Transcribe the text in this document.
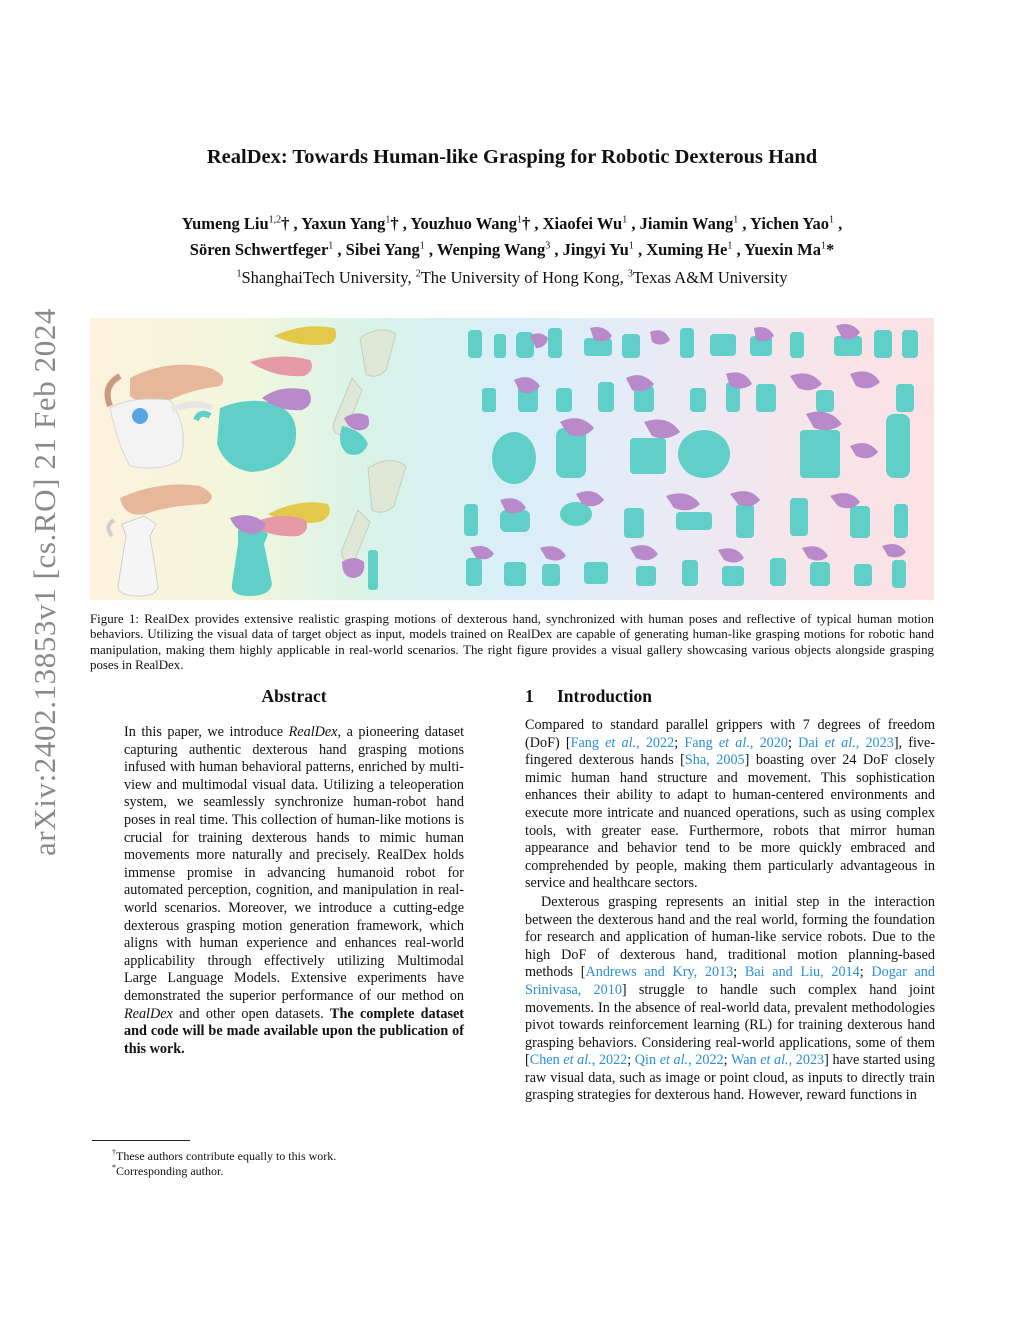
arXiv:2402.13853v1 [cs.RO] 21 Feb 2024
RealDex: Towards Human-like Grasping for Robotic Dexterous Hand
Yumeng Liu$^{1,2}$† , Yaxun Yang$^1$† , Youzhuo Wang$^1$† , Xiaofei Wu$^1$ , Jiamin Wang$^1$ , Yichen Yao$^1$ ,
Sören Schwertfeger$^1$ , Sibei Yang$^1$ , Wenping Wang$^3$ , Jingyi Yu$^1$ , Xuming He$^1$ , Yuexin Ma$^1$*
$^1$ShanghaiTech University, $^2$The University of Hong Kong, $^3$Texas A&M University
Figure 1: RealDex provides extensive realistic grasping motions of dexterous hand, synchronized with human poses and reflective of typical human motion behaviors. Utilizing the visual data of target object as input, models trained on RealDex are capable of generating human-like grasping motions for robotic hand manipulation, making them highly applicable in real-world scenarios. The right figure provides a visual gallery showcasing various objects alongside grasping poses in RealDex.
Abstract

In this paper, we introduce RealDex, a pioneering dataset capturing authentic dexterous hand grasping motions infused with human behavioral patterns, enriched by multi-view and multimodal visual data. Utilizing a teleoperation system, we seamlessly synchronize human-robot hand poses in real time. This collection of human-like motions is crucial for training dexterous hands to mimic human movements more naturally and precisely. RealDex holds immense promise in advancing humanoid robot for automated perception, cognition, and manipulation in real-world scenarios. Moreover, we introduce a cutting-edge dexterous grasping motion generation framework, which aligns with human experience and enhances real-world applicability through effectively utilizing Multimodal Large Language Models. Extensive experiments have demonstrated the superior performance of our method on RealDex and other open datasets. The complete dataset and code will be made available upon the publication of this work.

†These authors contribute equally to this work.
*Corresponding author.
1 Introduction

Compared to standard parallel grippers with 7 degrees of freedom (DoF) [Fang et al., 2022; Fang et al., 2020; Dai et al., 2023], five-fingered dexterous hands [Sha, 2005] boasting over 24 DoF closely mimic human hand structure and movement. This sophistication enhances their ability to adapt to human-centered environments and execute more intricate and nuanced operations, such as using complex tools, with greater ease. Furthermore, robots that mirror human appearance and behavior tend to be more quickly embraced and comprehended by people, making them particularly advantageous in service and healthcare sectors.

Dexterous grasping represents an initial step in the interaction between the dexterous hand and the real world, forming the foundation for research and application of human-like service robots. Due to the high DoF of dexterous hand, traditional motion planning-based methods [Andrews and Kry, 2013; Bai and Liu, 2014; Dogar and Srinivasa, 2010] struggle to handle such complex hand joint movements. In the absence of real-world data, prevalent methodologies pivot towards reinforcement learning (RL) for training dexterous hand grasping behaviors. Considering real-world applications, some of them [Chen et al., 2022; Qin et al., 2022; Wan et al., 2023] have started using raw visual data, such as image or point cloud, as inputs to directly train grasping strategies for dexterous hand. However, reward functions in
